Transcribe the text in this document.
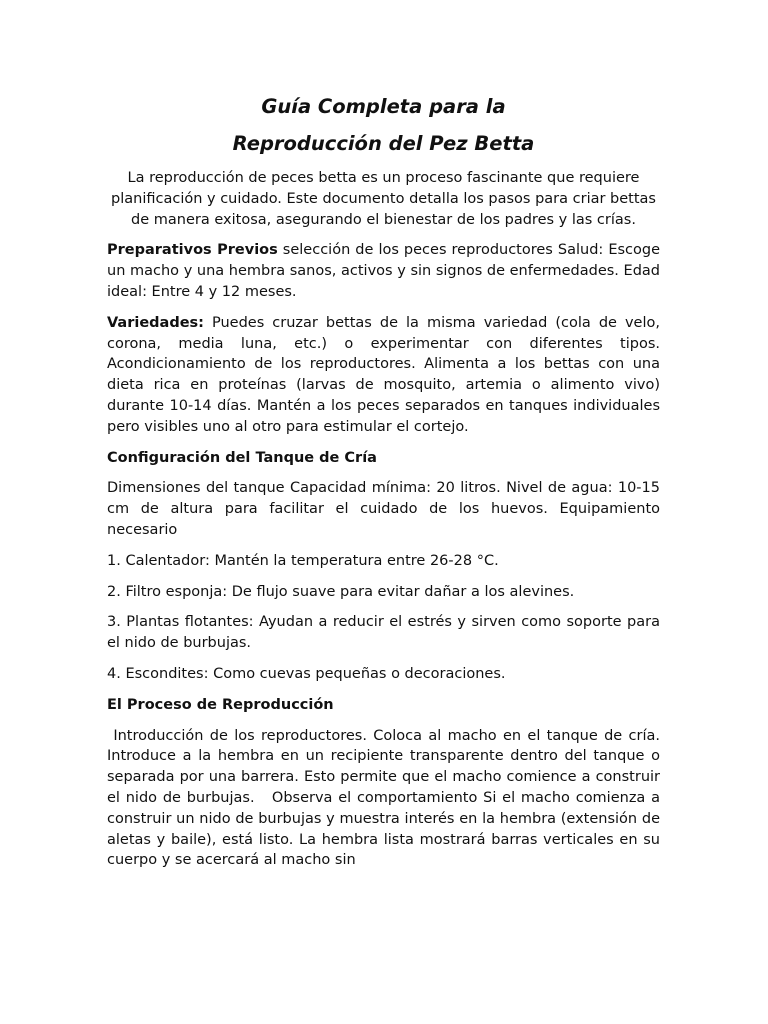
Guía Completa para la
Reproducción del Pez Betta

La reproducción de peces betta es un proceso fascinante que requiere planificación y cuidado. Este documento detalla los pasos para criar bettas de manera exitosa, asegurando el bienestar de los padres y las crías.

Preparativos Previos selección de los peces reproductores Salud: Escoge un macho y una hembra sanos, activos y sin signos de enfermedades. Edad ideal: Entre 4 y 12 meses.

Variedades: Puedes cruzar bettas de la misma variedad (cola de velo, corona, media luna, etc.) o experimentar con diferentes tipos. Acondicionamiento de los reproductores. Alimenta a los bettas con una dieta rica en proteínas (larvas de mosquito, artemia o alimento vivo) durante 10-14 días. Mantén a los peces separados en tanques individuales pero visibles uno al otro para estimular el cortejo.

Configuración del Tanque de Cría

Dimensiones del tanque Capacidad mínima: 20 litros. Nivel de agua: 10-15 cm de altura para facilitar el cuidado de los huevos. Equipamiento necesario

1. Calentador: Mantén la temperatura entre 26-28 °C.

2. Filtro esponja: De flujo suave para evitar dañar a los alevines.

3. Plantas flotantes: Ayudan a reducir el estrés y sirven como soporte para el nido de burbujas.

4. Escondites: Como cuevas pequeñas o decoraciones.

El Proceso de Reproducción

Introducción de los reproductores. Coloca al macho en el tanque de cría. Introduce a la hembra en un recipiente transparente dentro del tanque o separada por una barrera. Esto permite que el macho comience a construir el nido de burbujas.   Observa el comportamiento Si el macho comienza a construir un nido de burbujas y muestra interés en la hembra (extensión de aletas y baile), está listo. La hembra lista mostrará barras verticales en su cuerpo y se acercará al macho sin
